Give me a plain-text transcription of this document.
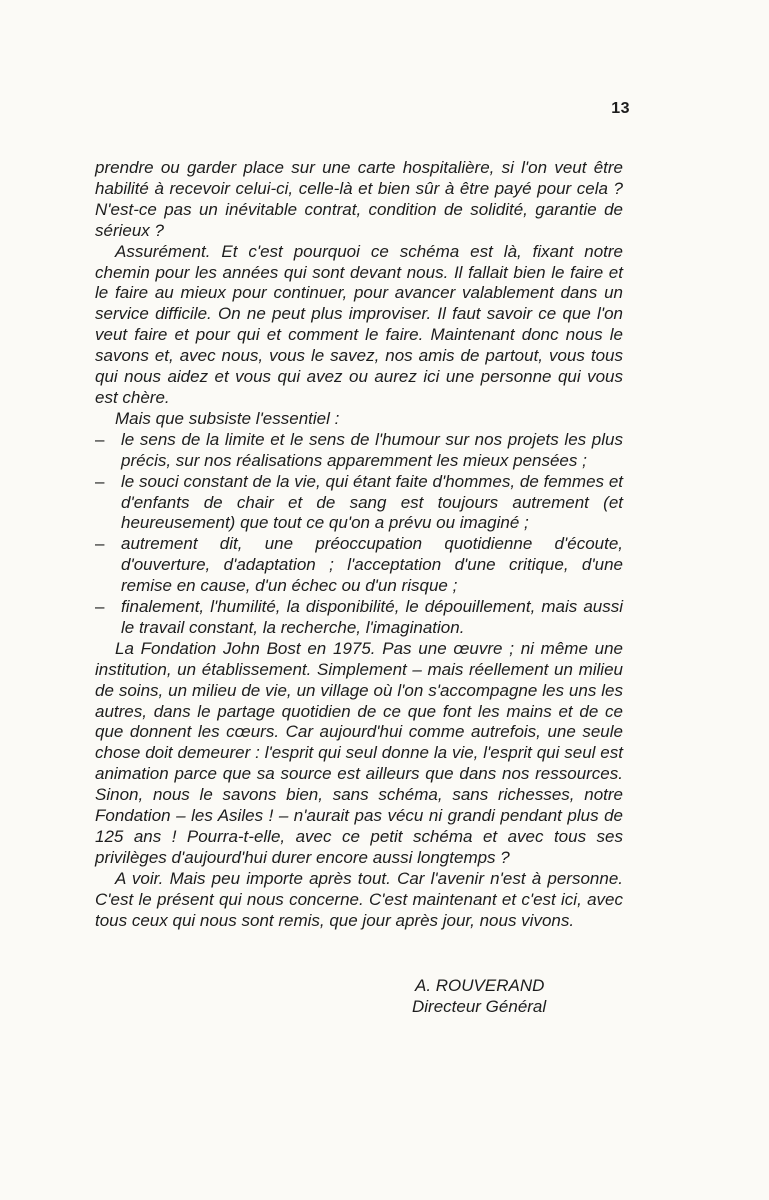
13

prendre ou garder place sur une carte hospitalière, si l'on veut être habilité à recevoir celui-ci, celle-là et bien sûr à être payé pour cela ? N'est-ce pas un inévitable contrat, condition de solidité, garantie de sérieux ?

Assurément. Et c'est pourquoi ce schéma est là, fixant notre chemin pour les années qui sont devant nous. Il fallait bien le faire et le faire au mieux pour continuer, pour avancer valablement dans un service difficile. On ne peut plus improviser. Il faut savoir ce que l'on veut faire et pour qui et comment le faire. Maintenant donc nous le savons et, avec nous, vous le savez, nos amis de partout, vous tous qui nous aidez et vous qui avez ou aurez ici une personne qui vous est chère.

Mais que subsiste l'essentiel :

– le sens de la limite et le sens de l'humour sur nos projets les plus précis, sur nos réalisations apparemment les mieux pensées ;
– le souci constant de la vie, qui étant faite d'hommes, de femmes et d'enfants de chair et de sang est toujours autrement (et heureusement) que tout ce qu'on a prévu ou imaginé ;
– autrement dit, une préoccupation quotidienne d'écoute, d'ouverture, d'adaptation ; l'acceptation d'une critique, d'une remise en cause, d'un échec ou d'un risque ;
– finalement, l'humilité, la disponibilité, le dépouillement, mais aussi le travail constant, la recherche, l'imagination.

La Fondation John Bost en 1975. Pas une œuvre ; ni même une institution, un établissement. Simplement – mais réellement un milieu de soins, un milieu de vie, un village où l'on s'accompagne les uns les autres, dans le partage quotidien de ce que font les mains et de ce que donnent les cœurs. Car aujourd'hui comme autrefois, une seule chose doit demeurer : l'esprit qui seul donne la vie, l'esprit qui seul est animation parce que sa source est ailleurs que dans nos ressources. Sinon, nous le savons bien, sans schéma, sans richesses, notre Fondation – les Asiles ! – n'aurait pas vécu ni grandi pendant plus de 125 ans ! Pourra-t-elle, avec ce petit schéma et avec tous ses privilèges d'aujourd'hui durer encore aussi longtemps ?

A voir. Mais peu importe après tout. Car l'avenir n'est à personne. C'est le présent qui nous concerne. C'est maintenant et c'est ici, avec tous ceux qui nous sont remis, que jour après jour, nous vivons.

A. ROUVERAND
Directeur Général
